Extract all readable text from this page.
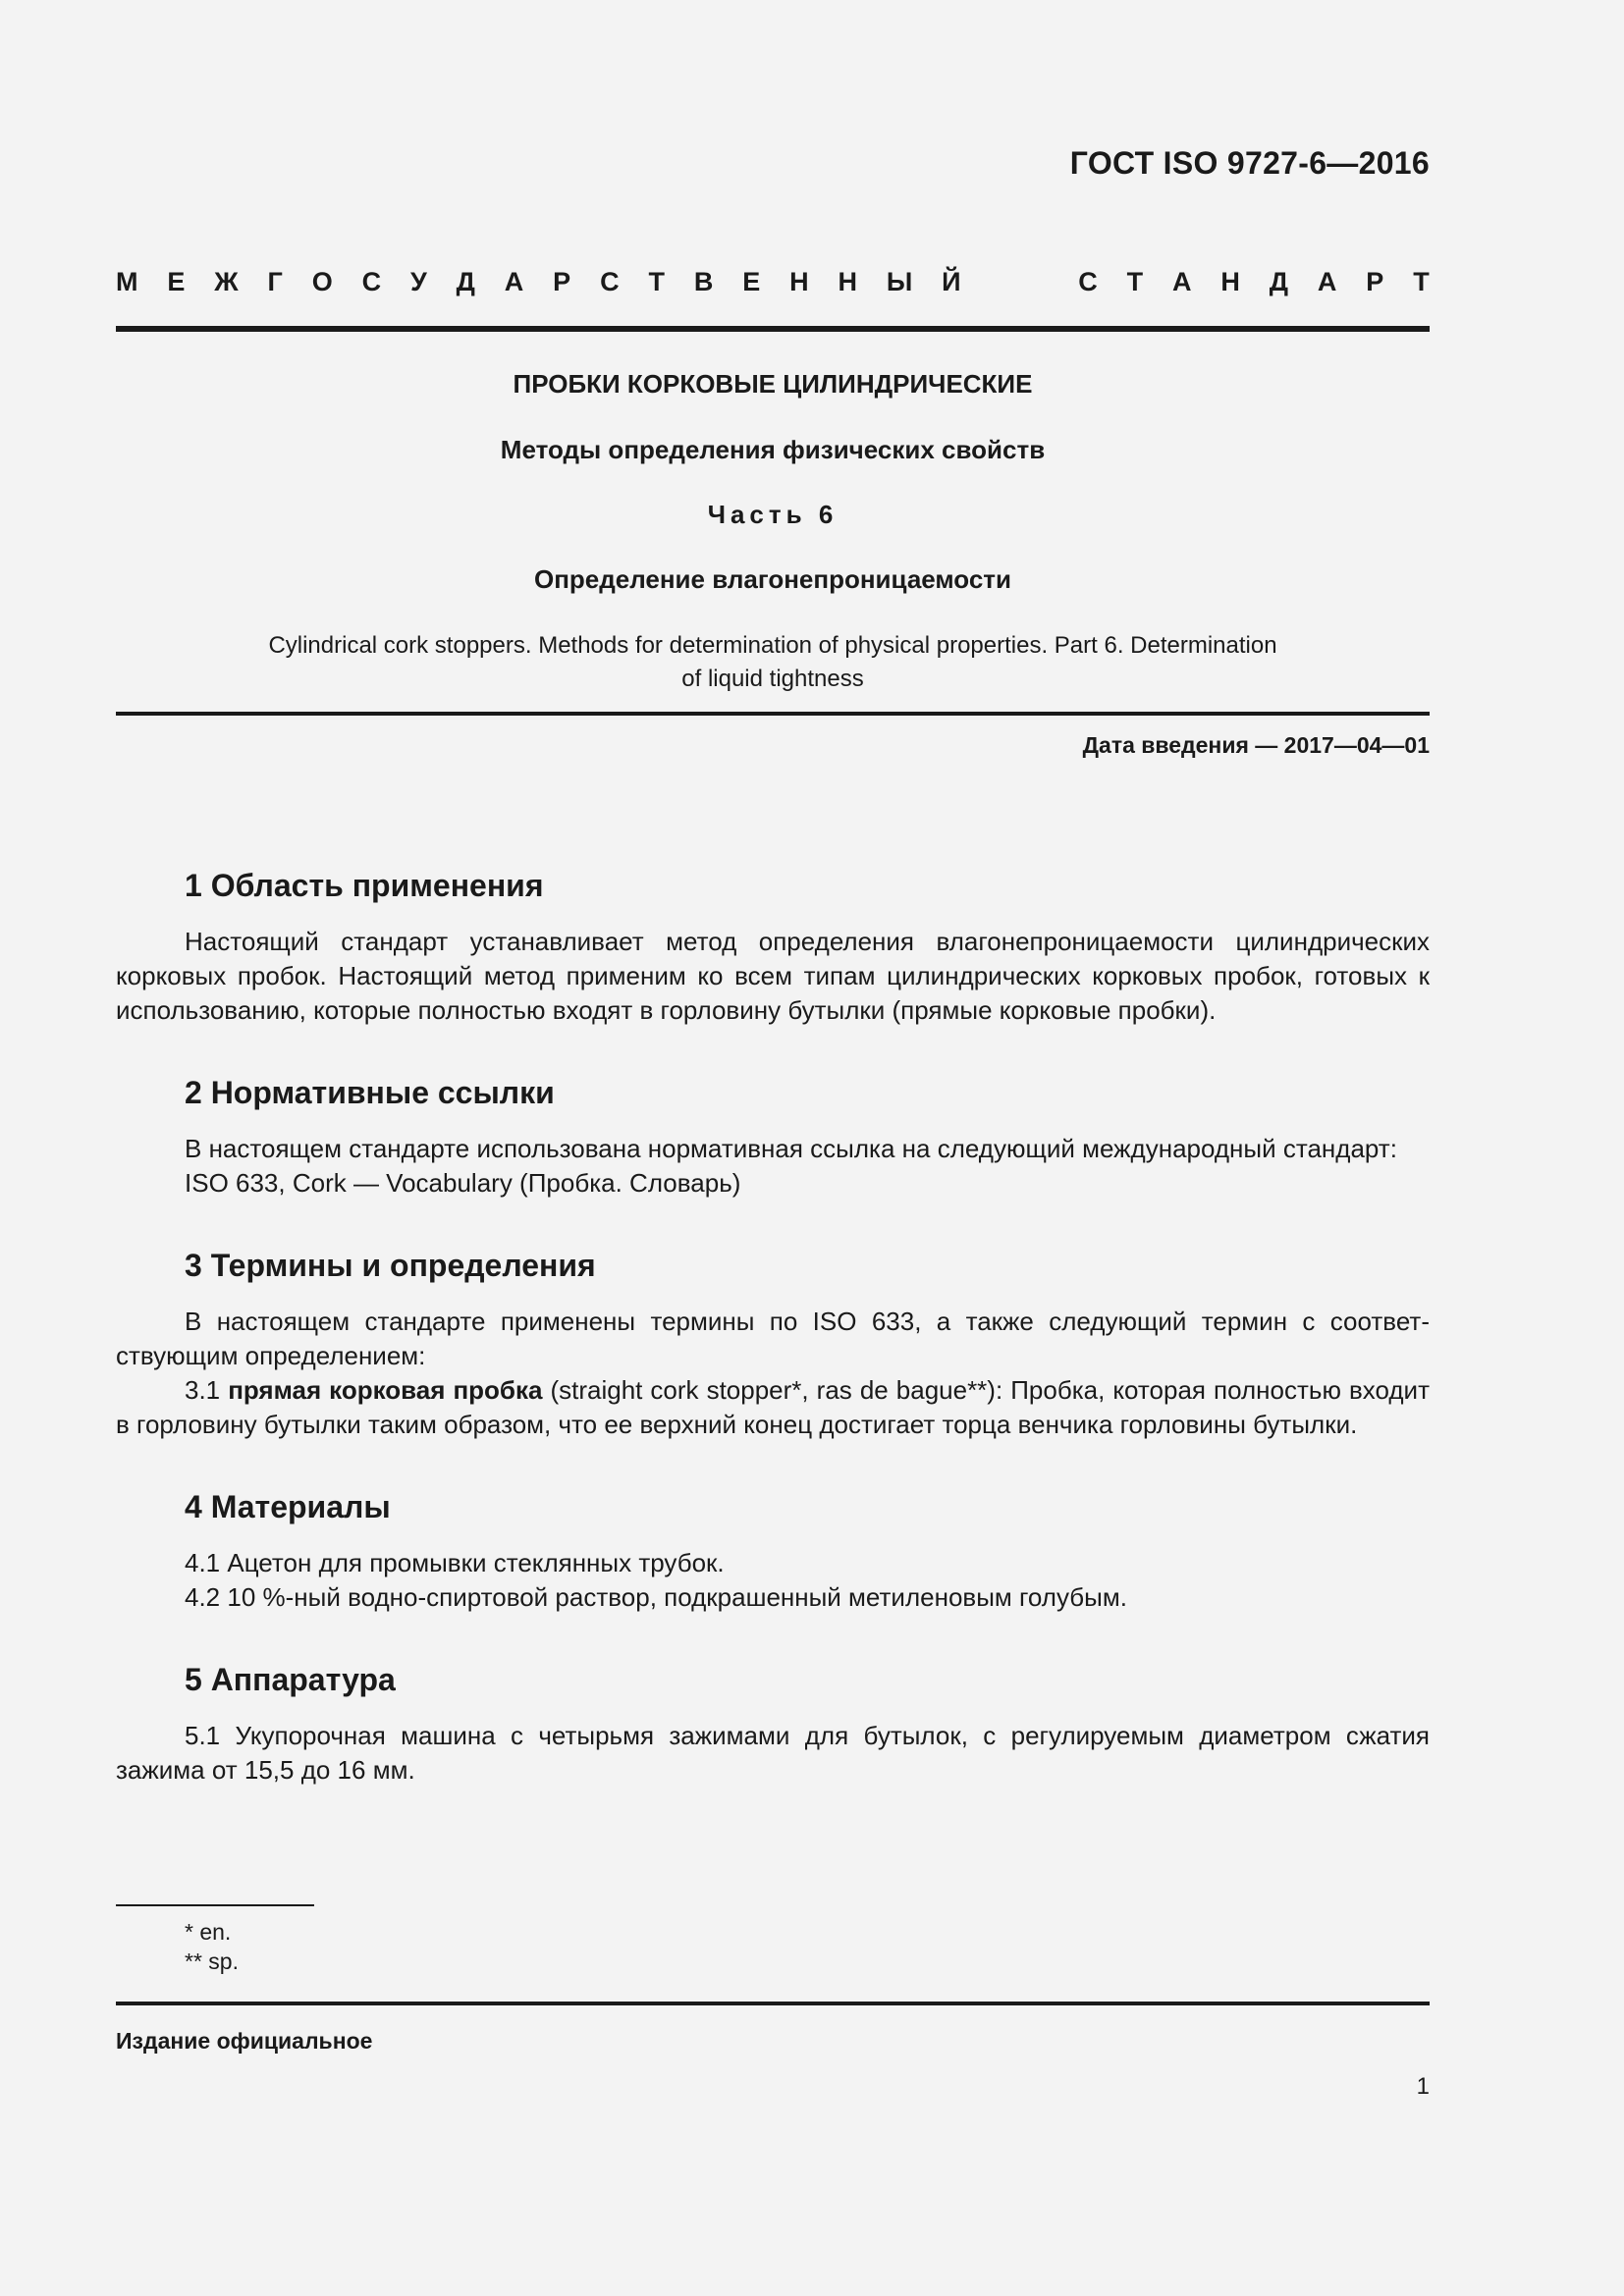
ГОСТ ISO 9727-6—2016
М Е Ж Г О С У Д А Р С Т В Е Н Н Ы Й	С Т А Н Д А Р Т
ПРОБКИ КОРКОВЫЕ ЦИЛИНДРИЧЕСКИЕ
Методы определения физических свойств
Часть 6
Определение влагонепроницаемости
Cylindrical cork stoppers. Methods for determination of physical properties. Part 6. Determination
of liquid tightness
Дата введения — 2017—04—01
1 Область применения

Настоящий стандарт устанавливает метод определения влагонепроницаемости цилиндрических корковых пробок. Настоящий метод применим ко всем типам цилиндрических корковых пробок, готовых к использованию, которые полностью входят в горловину бутылки (прямые корковые пробки).

2 Нормативные ссылки

В настоящем стандарте использована нормативная ссылка на следующий международный стандарт:

ISO 633, Cork — Vocabulary (Пробка. Словарь)

3 Термины и определения

В настоящем стандарте применены термины по ISO 633, а также следующий термин с соответ-ствующим определением:

3.1 прямая корковая пробка (straight cork stopper*, ras de bague**): Пробка, которая полностью входит в горловину бутылки таким образом, что ее верхний конец достигает торца венчика горловины бутылки.

4 Материалы

4.1 Ацетон для промывки стеклянных трубок.

4.2 10 %-ный водно-спиртовой раствор, подкрашенный метиленовым голубым.

5 Аппаратура

5.1 Укупорочная машина с четырьмя зажимами для бутылок, с регулируемым диаметром сжатия зажима от 15,5 до 16 мм.

* en.
** sp.
Издание официальное
1
